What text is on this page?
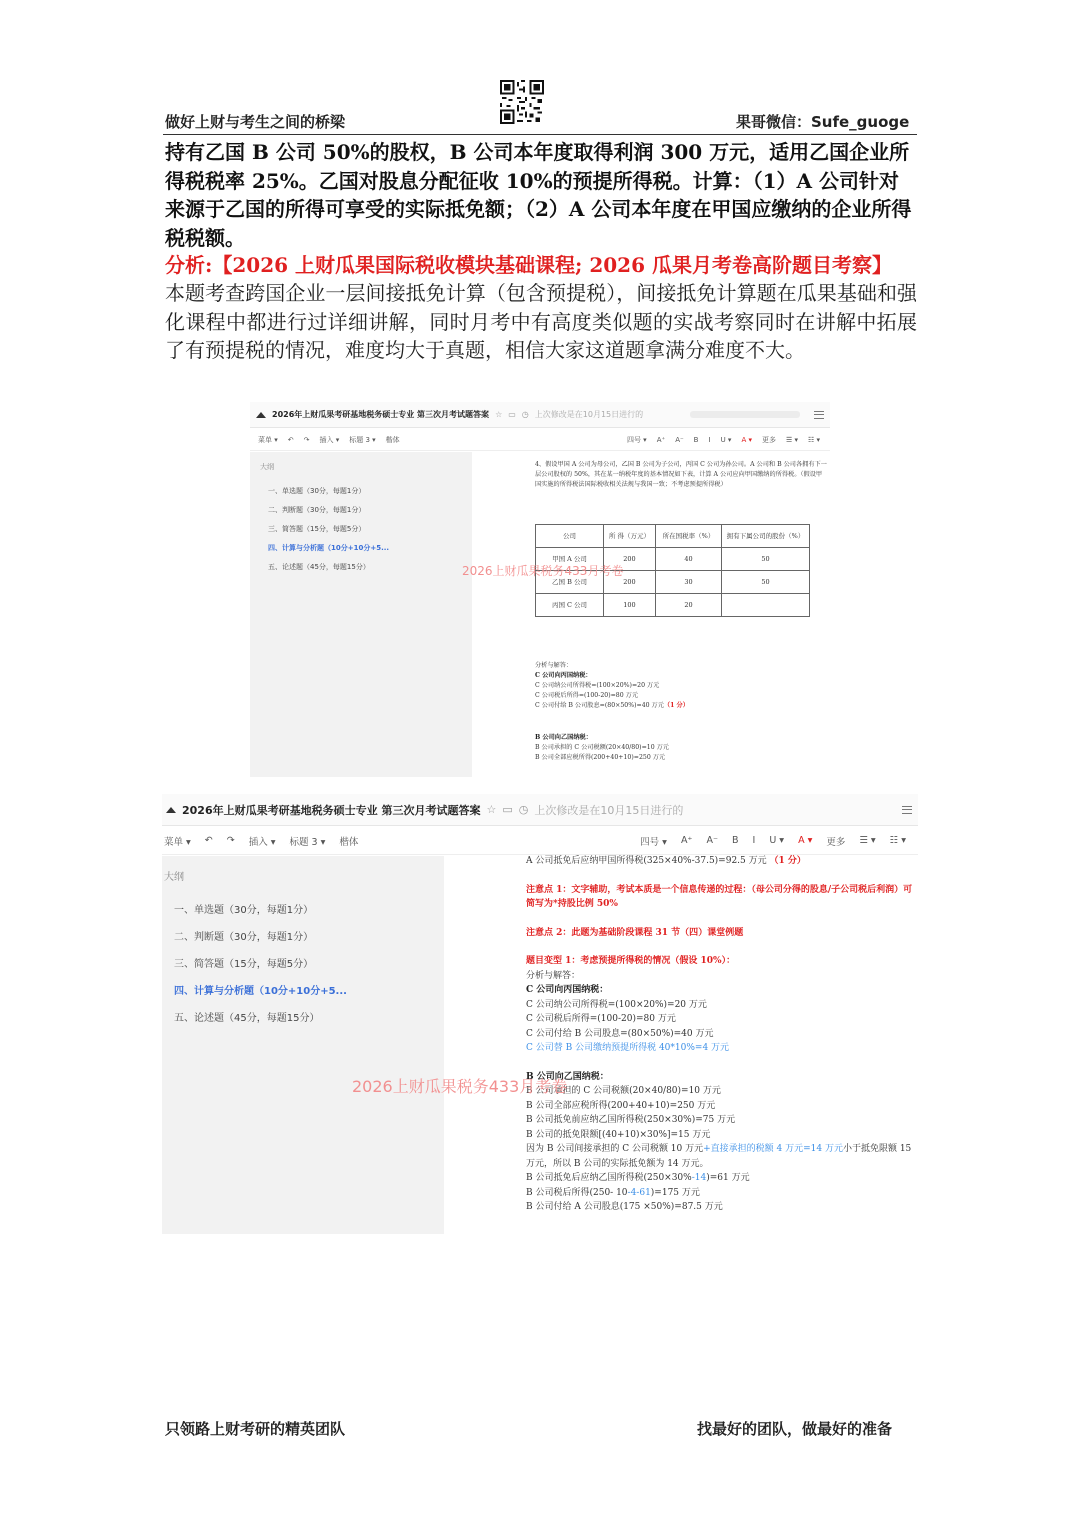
做好上财与考生之间的桥梁	果哥微信：Sufe_guoge
持有乙国 B 公司 50%的股权，B 公司本年度取得利润 300 万元，适用乙国企业所得税税率 25%。乙国对股息分配征收 10%的预提所得税。计算：（1）A 公司针对来源于乙国的所得可享受的实际抵免额；（2）A 公司本年度在甲国应缴纳的企业所得税税额。
分析:【2026 上财瓜果国际税收模块基础课程; 2026 瓜果月考卷高阶题目考察】
本题考查跨国企业一层间接抵免计算（包含预提税），间接抵免计算题在瓜果基础和强化课程中都进行过详细讲解，同时月考中有高度类似题的实战考察同时在讲解中拓展了有预提税的情况，难度均大于真题，相信大家这道题拿满分难度不大。
2026年上财瓜果考研基地税务硕士专业 第三次月考试题答案 ☆ ▭ ◷ 上次修改是在10月15日进行的
菜单 ▾ ↶ ↷ 插入 ▾ 标题 3 ▾ 楷体	四号 ▾ A⁺ A⁻ B I U ▾ A ▾ 更多 ☰ ▾ ☷ ▾
大纲
一、单选题（30分，每题1分）
二、判断题（30分，每题1分）
三、简答题（15分，每题5分）
四、计算与分析题（10分+10分+5...
五、论述题（45分，每题15分）
4、假设甲国 A 公司为母公司，乙国 B 公司为子公司，丙国 C 公司为孙公司。A 公司和 B 公司各拥有下一层公司股权的 50%，其在某一纳税年度的基本情况如下表，计算 A 公司应向甲国缴纳的所得税。（假设甲国实施的所得税法国际税收相关法规与我国一致；不考虑预提所得税）
公司	所 得（万元）	所在国税率（%）	拥有下属公司的股份（%）
甲国 A 公司	200	40	50
乙国 B 公司	200	30	50
丙国 C 公司	100	20	
分析与解答：
C 公司向丙国纳税：
C 公司纳公司所得税=(100×20%)=20 万元
C 公司税后所得=(100-20)=80 万元
C 公司付给 B 公司股息=(80×50%)=40 万元（1 分）
B 公司向乙国纳税：
B 公司承担的 C 公司税额(20×40/80)=10 万元
B 公司全部应税所得(200+40+10)=250 万元
2026上财瓜果税务433月考卷
2026年上财瓜果考研基地税务硕士专业 第三次月考试题答案 ☆ ▭ ◷ 上次修改是在10月15日进行的
菜单 ▾ ↶ ↷ 插入 ▾ 标题 3 ▾ 楷体	四号 ▾ A⁺ A⁻ B I U ▾ A ▾ 更多 ☰ ▾ ☷ ▾
大纲
一、单选题（30分，每题1分）
二、判断题（30分，每题1分）
三、简答题（15分，每题5分）
四、计算与分析题（10分+10分+5...
五、论述题（45分，每题15分）
A 公司抵免后应纳甲国所得税(325×40%-37.5)=92.5 万元 （1 分）
注意点 1：文字辅助，考试本质是一个信息传递的过程：（母公司分得的股息/子公司税后利润）可简写为*持股比例 50%
注意点 2：此题为基础阶段课程 31 节（四）课堂例题
题目变型 1：考虑预提所得税的情况（假设 10%）：
分析与解答：
C 公司向丙国纳税：
C 公司纳公司所得税=(100×20%)=20 万元
C 公司税后所得=(100-20)=80 万元
C 公司付给 B 公司股息=(80×50%)=40 万元
C 公司替 B 公司缴纳预提所得税 40*10%=4 万元
B 公司向乙国纳税：
B 公司承担的 C 公司税额(20×40/80)=10 万元
B 公司全部应税所得(200+40+10)=250 万元
B 公司抵免前应纳乙国所得税(250×30%)=75 万元
B 公司的抵免限额[(40+10)×30%]=15 万元
因为 B 公司间接承担的 C 公司税额 10 万元+直接承担的税额 4 万元=14 万元小于抵免限额 15 万元，所以 B 公司的实际抵免额为 14 万元。
B 公司抵免后应纳乙国所得税(250×30%-14)=61 万元
B 公司税后所得(250- 10-4-61)=175 万元
B 公司付给 A 公司股息(175 ×50%)=87.5 万元
2026上财瓜果税务433月考卷
只领路上财考研的精英团队	找最好的团队，做最好的准备
